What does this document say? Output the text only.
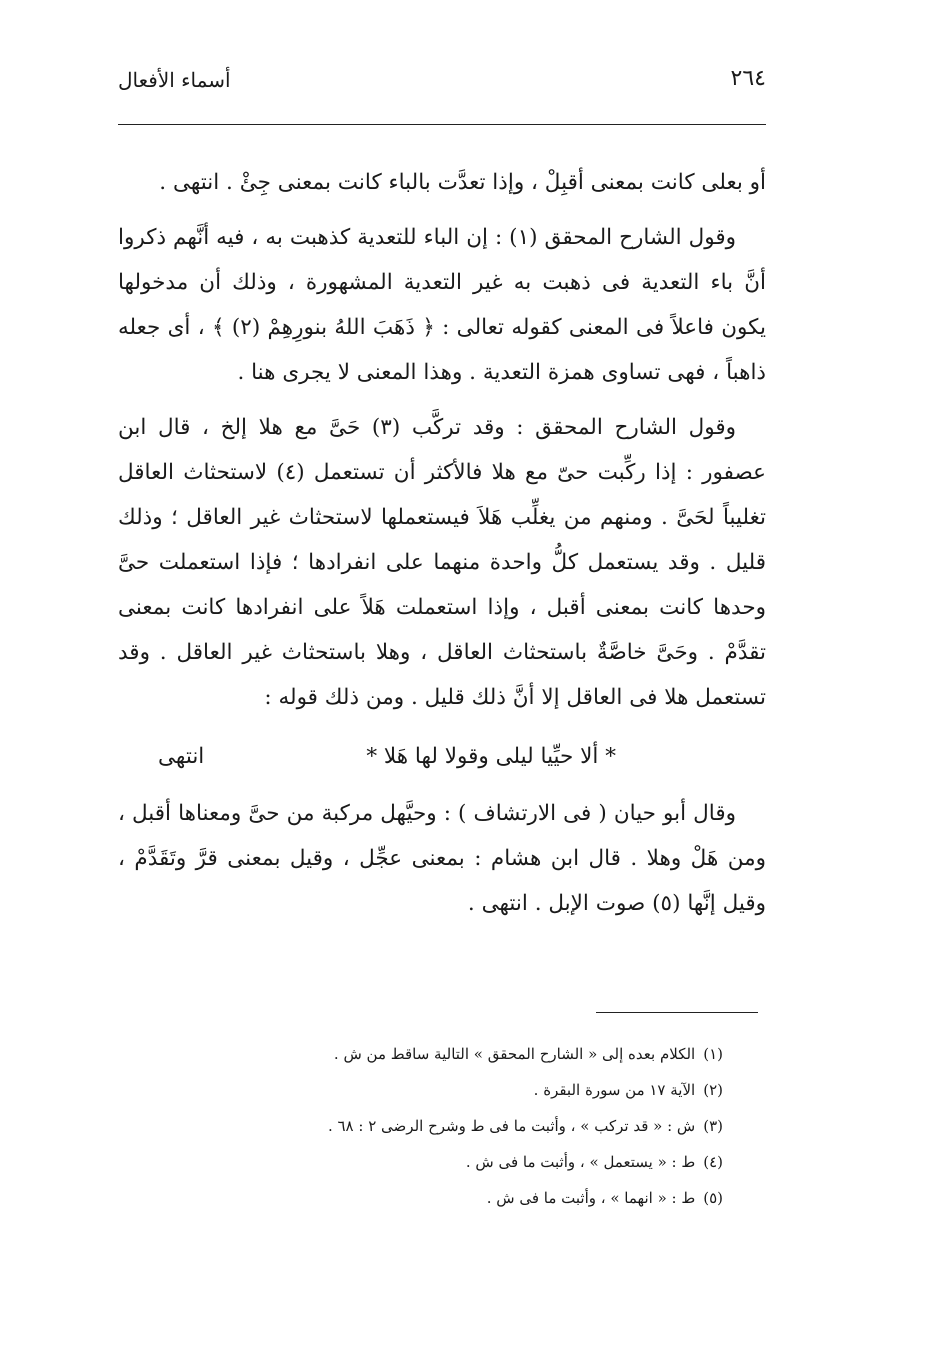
٢٦٤
أسماء الأفعال

أو بعلى كانت بمعنى أقبِلْ ، وإذا تعدَّت بالباء كانت بمعنى جِئْ . انتهى .

وقول الشارح المحقق (١) : إن الباء للتعدية كذهبت به ، فيه أنَّهم ذكروا أنَّ باء التعدية فى ذهبت به غير التعدية المشهورة ، وذلك أن مدخولها يكون فاعلاً فى المعنى كقوله تعالى : ﴿ ذَهَبَ اللهُ بنورِهِمْ (٢) ﴾ ، أى جعله ذاهباً ، فهى تساوى همزة التعدية . وهذا المعنى لا يجرى هنا .

وقول الشارح المحقق : وقد تركَّب (٣) حَىَّ مع هلا إلخ ، قال ابن عصفور : إذا ركِّبت حىّ مع هلا فالأكثر أن تستعمل (٤) لاستحثاث العاقل تغليباً لحَىَّ . ومنهم من يغلِّب هَلاَ فيستعملها لاستحثاث غير العاقل ؛ وذلك قليل . وقد يستعمل كلُّ واحدة منهما على انفرادها ؛ فإذا استعملت حىَّ وحدها كانت بمعنى أقبل ، وإذا استعملت هَلاً على انفرادها كانت بمعنى تقدَّمْ . وحَىَّ خاصَّةٌ باستحثاث العاقل ، وهلا باستحثاث غير العاقل . وقد تستعمل هلا فى العاقل إلا أنَّ ذلك قليل . ومن ذلك قوله :

* ألا حيِّيا ليلى وقولا لها هَلا *
انتهى

وقال أبو حيان ( فى الارتشاف ) : وحيَّهل مركبة من حىَّ ومعناها أقبل ، ومن هَلْ وهلا . قال ابن هشام : بمعنى عجِّل ، وقيل بمعنى قرَّ وتَقَدَّمْ ، وقيل إنَّها (٥) صوت الإبل . انتهى .

(١)الكلام بعده إلى « الشارح المحقق » التالية ساقط من ش .

(٢)الآية ١٧ من سورة البقرة .

(٣)ش : « قد تركب » ، وأثبت ما فى ط وشرح الرضى ٢ : ٦٨ .

(٤)ط : « يستعمل » ، وأثبت ما فى ش .

(٥)ط : « انهما » ، وأثبت ما فى ش .
